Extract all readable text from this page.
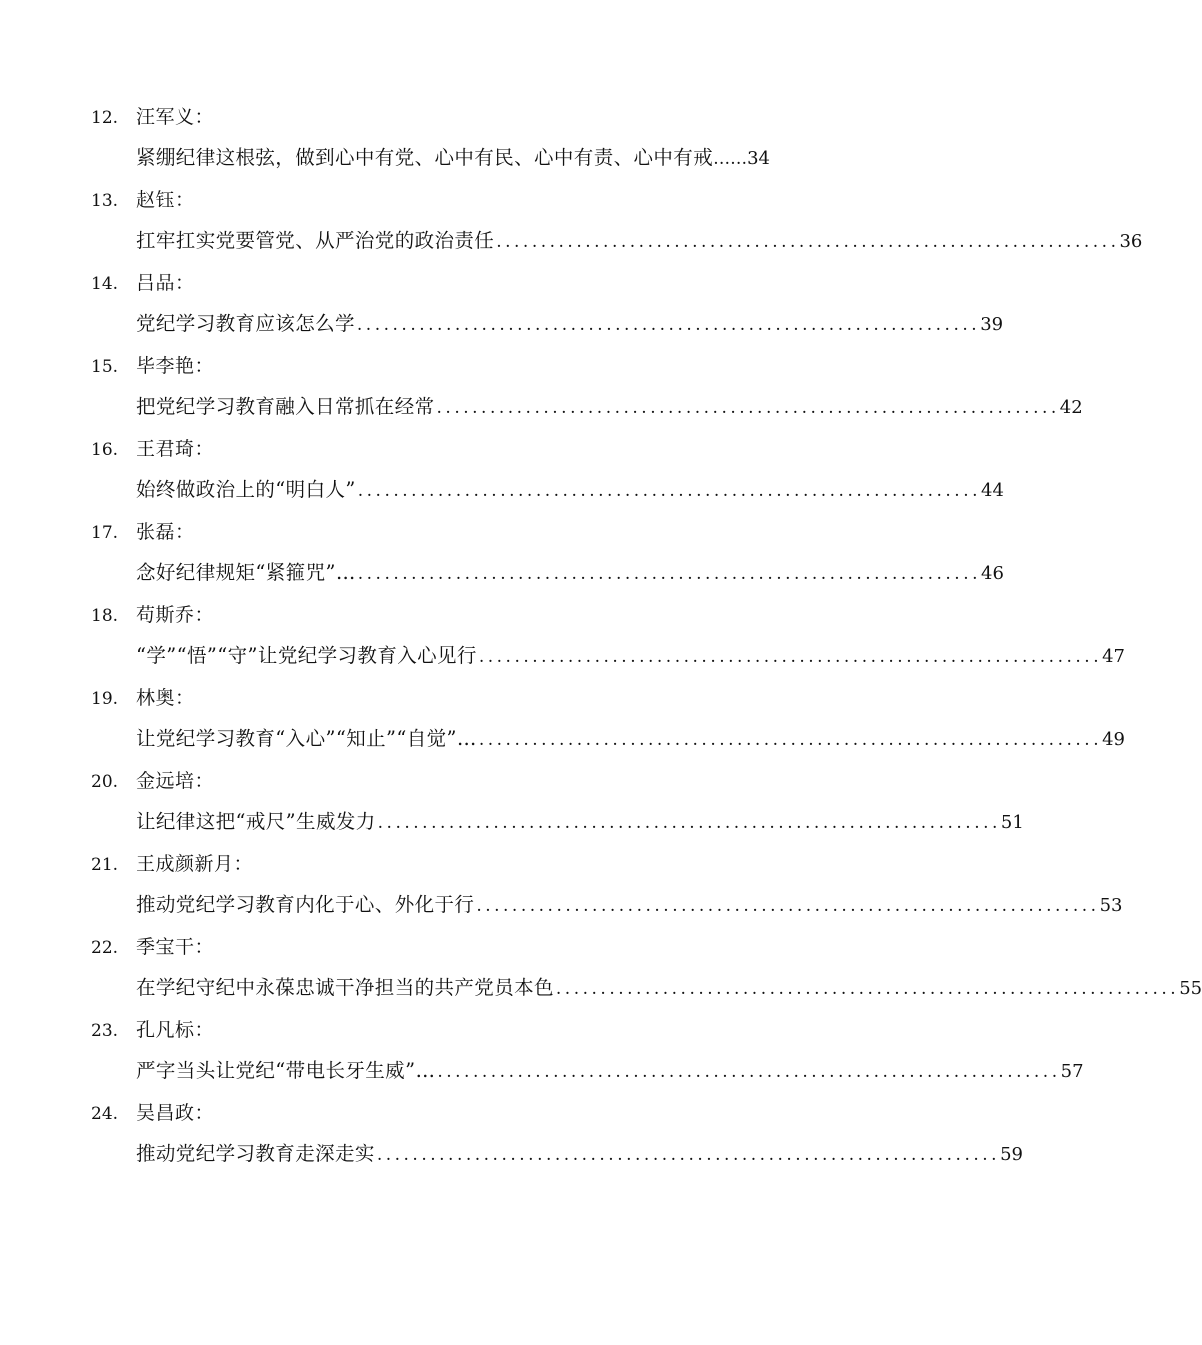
12. 汪军义：
紧绷纪律这根弦，做到心中有党、心中有民、心中有责、心中有戒 …… 34
13. 赵钰：
扛牢扛实党要管党、从严治党的政治责任 ...................................................................... 36
14. 吕品：
党纪学习教育应该怎么学 ...................................................................... 39
15. 毕李艳：
把党纪学习教育融入日常抓在经常 ...................................................................... 42
16. 王君琦：
始终做政治上的“明白人” ...................................................................... 44
17. 张磊：
念好纪律规矩“紧箍咒”… ...................................................................... 46
18. 苟斯乔：
“学”“悟”“守”让党纪学习教育入心见行 ...................................................................... 47
19. 林奥：
让党纪学习教育“入心”“知止”“自觉”… ...................................................................... 49
20. 金远培：
让纪律这把“戒尺”生威发力 ...................................................................... 51
21. 王成颜新月：
推动党纪学习教育内化于心、外化于行 ...................................................................... 53
22. 季宝干：
在学纪守纪中永葆忠诚干净担当的共产党员本色 ...................................................................... 55
23. 孔凡标：
严字当头让党纪“带电长牙生威”… ...................................................................... 57
24. 吴昌政：
推动党纪学习教育走深走实 ...................................................................... 59
